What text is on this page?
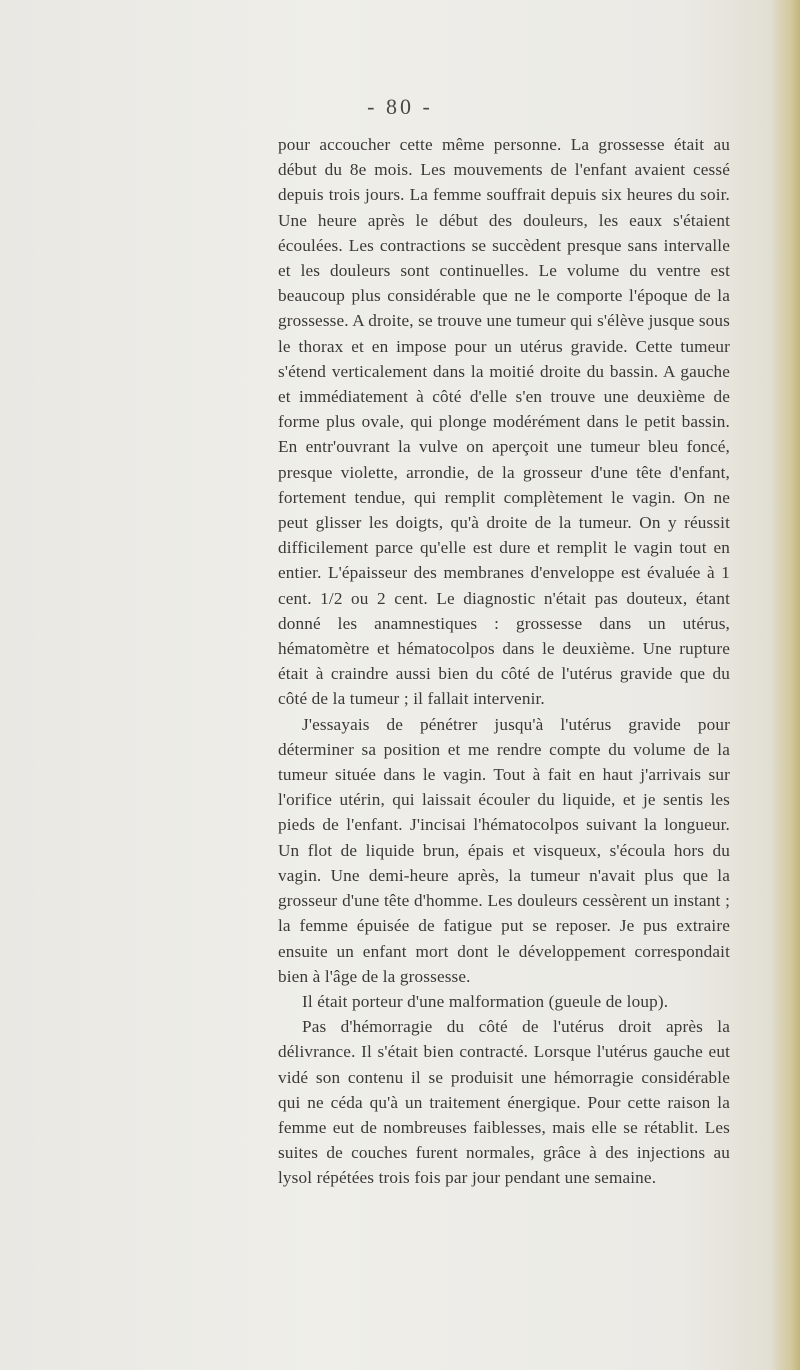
- 80 -

pour accoucher cette même personne. La grossesse était au début du 8e mois. Les mouvements de l'enfant avaient cessé depuis trois jours. La femme souffrait depuis six heures du soir. Une heure après le début des douleurs, les eaux s'étaient écoulées. Les contractions se succèdent presque sans intervalle et les douleurs sont continuelles. Le volume du ventre est beaucoup plus considérable que ne le comporte l'époque de la grossesse. A droite, se trouve une tumeur qui s'élève jusque sous le thorax et en impose pour un utérus gravide. Cette tumeur s'étend verticalement dans la moitié droite du bassin. A gauche et immédiatement à côté d'elle s'en trouve une deuxième de forme plus ovale, qui plonge modérément dans le petit bassin. En entr'ouvrant la vulve on aperçoit une tumeur bleu foncé, presque violette, arrondie, de la grosseur d'une tête d'enfant, fortement tendue, qui remplit complètement le vagin. On ne peut glisser les doigts, qu'à droite de la tumeur. On y réussit difficilement parce qu'elle est dure et remplit le vagin tout en entier. L'épaisseur des membranes d'enveloppe est évaluée à 1 cent. 1/2 ou 2 cent. Le diagnostic n'était pas douteux, étant donné les anamnestiques : grossesse dans un utérus, hématomètre et hématocolpos dans le deuxième. Une rupture était à craindre aussi bien du côté de l'utérus gravide que du côté de la tumeur ; il fallait intervenir.

J'essayais de pénétrer jusqu'à l'utérus gravide pour déterminer sa position et me rendre compte du volume de la tumeur située dans le vagin. Tout à fait en haut j'arrivais sur l'orifice utérin, qui laissait écouler du liquide, et je sentis les pieds de l'enfant. J'incisai l'hématocolpos suivant la longueur. Un flot de liquide brun, épais et visqueux, s'écoula hors du vagin. Une demi-heure après, la tumeur n'avait plus que la grosseur d'une tête d'homme. Les douleurs cessèrent un instant ; la femme épuisée de fatigue put se reposer. Je pus extraire ensuite un enfant mort dont le développement correspondait bien à l'âge de la grossesse.

Il était porteur d'une malformation (gueule de loup).

Pas d'hémorragie du côté de l'utérus droit après la délivrance. Il s'était bien contracté. Lorsque l'utérus gauche eut vidé son contenu il se produisit une hémorragie considérable qui ne céda qu'à un traitement énergique. Pour cette raison la femme eut de nombreuses faiblesses, mais elle se rétablit. Les suites de couches furent normales, grâce à des injections au lysol répétées trois fois par jour pendant une semaine.
